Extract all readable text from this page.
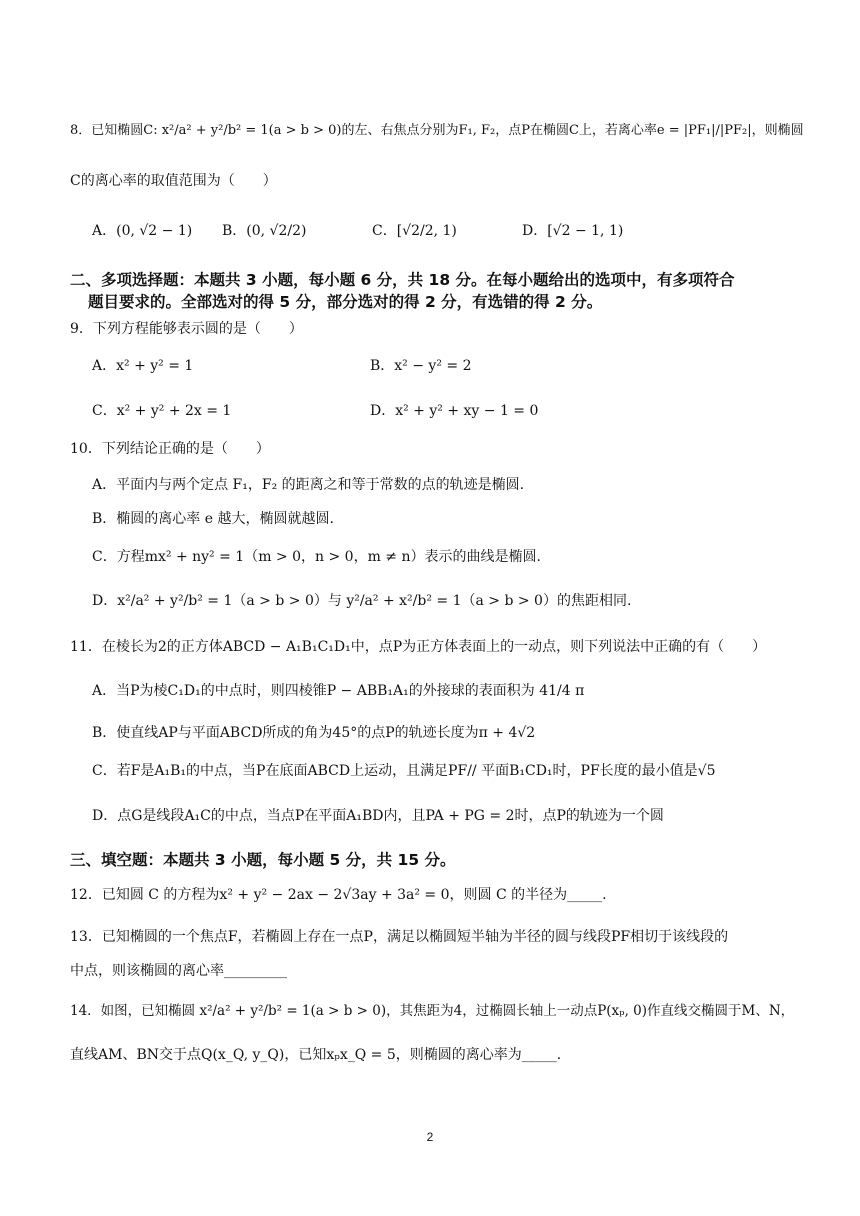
8．已知椭圆C: x²/a² + y²/b² = 1(a > b > 0)的左、右焦点分别为F₁, F₂，点P在椭圆C上，若离心率e = |PF₁|/|PF₂|，则椭圆
C的离心率的取值范围为（　　）
A．(0, √2 − 1) B．(0, √2/2)	C．[√2/2, 1)	D．[√2 − 1, 1)
二、多项选择题：本题共 3 小题，每小题 6 分，共 18 分。在每小题给出的选项中，有多项符合
题目要求的。全部选对的得 5 分，部分选对的得 2 分，有选错的得 2 分。
9．下列方程能够表示圆的是（　　）
A．x² + y² = 1	B．x² − y² = 2
C．x² + y² + 2x = 1	D．x² + y² + xy − 1 = 0
10．下列结论正确的是（　　）
A．平面内与两个定点 F₁，F₂ 的距离之和等于常数的点的轨迹是椭圆.
B．椭圆的离心率 e 越大，椭圆就越圆.
C．方程mx² + ny² = 1（m > 0，n > 0，m ≠ n）表示的曲线是椭圆.
D．x²/a² + y²/b² = 1（a > b > 0）与 y²/a² + x²/b² = 1（a > b > 0）的焦距相同.
11．在棱长为2的正方体ABCD − A₁B₁C₁D₁中，点P为正方体表面上的一动点，则下列说法中正确的有（　　）
A．当P为棱C₁D₁的中点时，则四棱锥P − ABB₁A₁的外接球的表面积为 41/4 π
B．使直线AP与平面ABCD所成的角为45°的点P的轨迹长度为π + 4√2
C．若F是A₁B₁的中点，当P在底面ABCD上运动，且满足PF// 平面B₁CD₁时，PF长度的最小值是√5
D．点G是线段A₁C的中点，当点P在平面A₁BD内，且PA + PG = 2时，点P的轨迹为一个圆
三、填空题：本题共 3 小题，每小题 5 分，共 15 分。
12．已知圆 C 的方程为x² + y² − 2ax − 2√3ay + 3a² = 0，则圆 C 的半径为_____.
13．已知椭圆的一个焦点F，若椭圆上存在一点P，满足以椭圆短半轴为半径的圆与线段PF相切于该线段的
中点，则该椭圆的离心率_________
14．如图，已知椭圆 x²/a² + y²/b² = 1(a > b > 0)，其焦距为4，过椭圆长轴上一动点P(xₚ, 0)作直线交椭圆于M、N，
直线AM、BN交于点Q(x_Q, y_Q)，已知xₚx_Q = 5，则椭圆的离心率为_____.
2
